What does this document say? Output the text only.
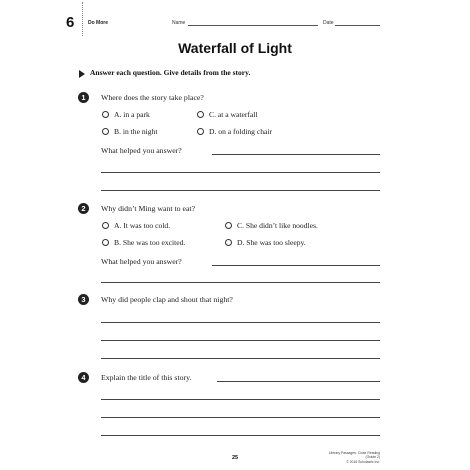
6	Do More	Name	Date
Waterfall of Light
Answer each question. Give details from the story.
1	Where does the story take place?
A. in a park	C. at a waterfall
B. in the night	D. on a folding chair
What helped you answer?
2	Why didn’t Ming want to eat?
A. It was too cold.	C. She didn’t like noodles.
B. She was too excited.	D. She was too sleepy.
What helped you answer?
3	Why did people clap and shout that night?
4	Explain the title of this story.
25
Literary Passages: Close Reading (Grade 2)
© 2016 Scholastic Inc.
